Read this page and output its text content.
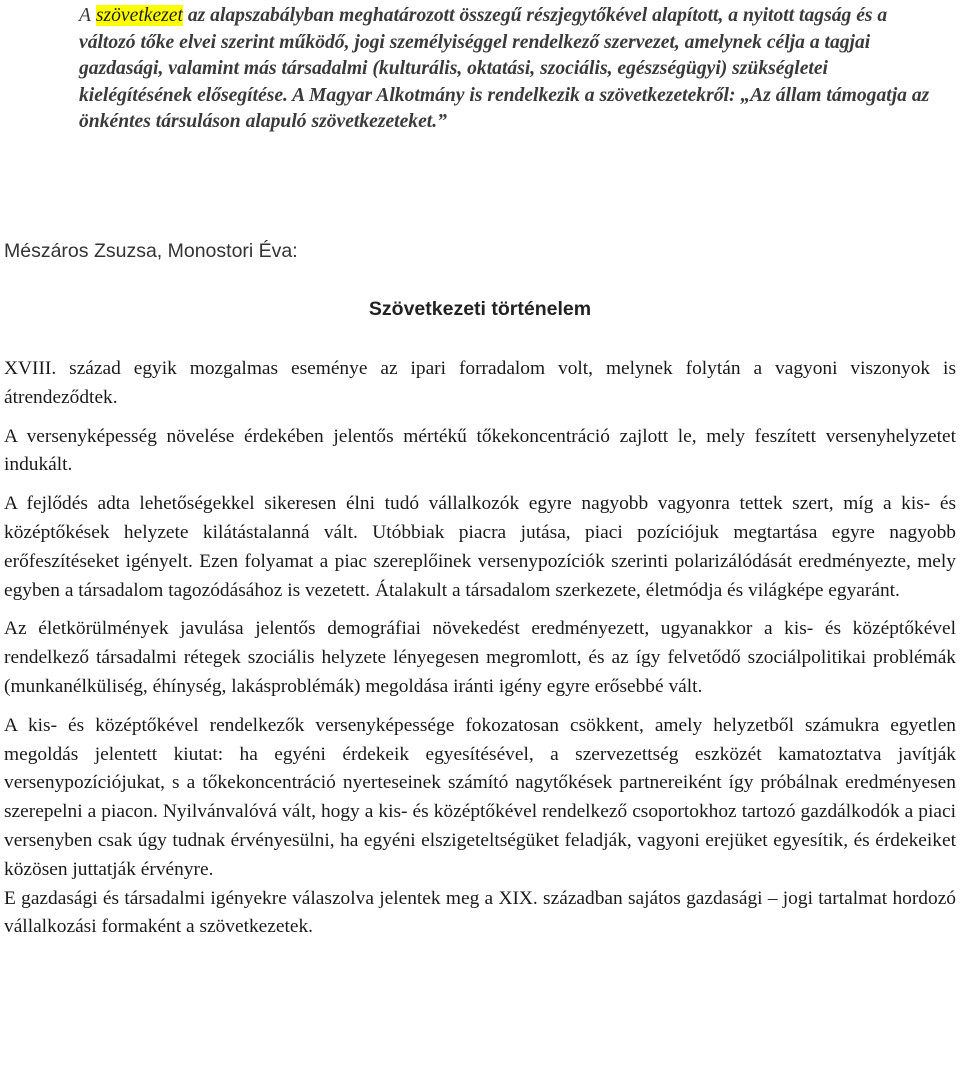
A szövetkezet az alapszabályban meghatározott összegű részjegytőkével alapított, a nyitott tagság és a változó tőke elvei szerint működő, jogi személyiséggel rendelkező szervezet, amelynek célja a tagjai gazdasági, valamint más társadalmi (kulturális, oktatási, szociális, egészségügyi) szükségletei kielégítésének elősegítése. A Magyar Alkotmány is rendelkezik a szövetkezetekről: „Az állam támogatja az önkéntes társuláson alapuló szövetkezeteket.”
Mészáros Zsuzsa, Monostori Éva:
Szövetkezeti történelem

XVIII. század egyik mozgalmas eseménye az ipari forradalom volt, melynek folytán a vagyoni viszonyok is átrendeződtek.

A versenyképesség növelése érdekében jelentős mértékű tőkekoncentráció zajlott le, mely feszített versenyhelyzetet indukált.

A fejlődés adta lehetőségekkel sikeresen élni tudó vállalkozók egyre nagyobb vagyonra tettek szert, míg a kis- és középtőkések helyzete kilátástalanná vált. Utóbbiak piacra jutása, piaci pozíciójuk megtartása egyre nagyobb erőfeszítéseket igényelt. Ezen folyamat a piac szereplőinek versenypozíciók szerinti polarizálódását eredményezte, mely egyben a társadalom tagozódásához is vezetett. Átalakult a társadalom szerkezete, életmódja és világképe egyaránt.

Az életkörülmények javulása jelentős demográfiai növekedést eredményezett, ugyanakkor a kis- és középtőkével rendelkező társadalmi rétegek szociális helyzete lényegesen megromlott, és az így felvetődő szociálpolitikai problémák (munkanélküliség, éhínység, lakásproblémák) megoldása iránti igény egyre erősebbé vált.

A kis- és középtőkével rendelkezők versenyképessége fokozatosan csökkent, amely helyzetből számukra egyetlen megoldás jelentett kiutat: ha egyéni érdekeik egyesítésével, a szervezettség eszközét kamatoztatva javítják versenypozíciójukat, s a tőkekoncentráció nyerteseinek számító nagytőkések partnereiként így próbálnak eredményesen szerepelni a piacon. Nyilvánvalóvá vált, hogy a kis- és középtőkével rendelkező csoportokhoz tartozó gazdálkodók a piaci versenyben csak úgy tudnak érvényesülni, ha egyéni elszigeteltségüket feladják, vagyoni erejüket egyesítik, és érdekeiket közösen juttatják érvényre.

E gazdasági és társadalmi igényekre válaszolva jelentek meg a XIX. században sajátos gazdasági – jogi tartalmat hordozó vállalkozási formaként a szövetkezetek.
